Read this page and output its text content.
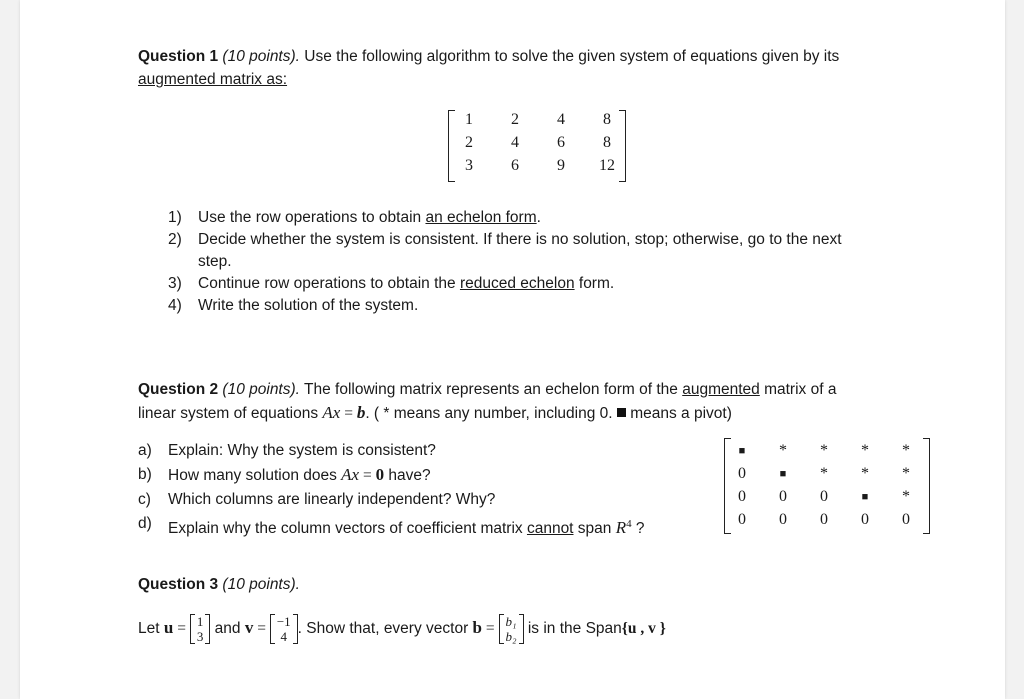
Question 1 (10 points). Use the following algorithm to solve the given system of equations given by its
augmented matrix as:
1	2	4	8
2	4	6	8
3	6	9	12
1) Use the row operations to obtain an echelon form.
2) Decide whether the system is consistent. If there is no solution, stop; otherwise, go to the next
step.
3) Continue row operations to obtain the reduced echelon form.
4) Write the solution of the system.
Question 2 (10 points). The following matrix represents an echelon form of the augmented matrix of a
linear system of equations Ax = b. ( * means any number, including 0.  means a pivot)
a) Explain: Why the system is consistent?
b) How many solution does Ax = 0 have?
c) Which columns are linearly independent? Why?
d) Explain why the column vectors of coefficient matrix cannot span $R^4$ ?
■	*	*	*	*
0	■	*	*	*
0	0	0	■	*
0	0	0	0	0
Question 3 (10 points).
Let u = 1
3 and v = −1
4 . Show that, every vector b = b₁
b₂ is in the Span{u , v }
